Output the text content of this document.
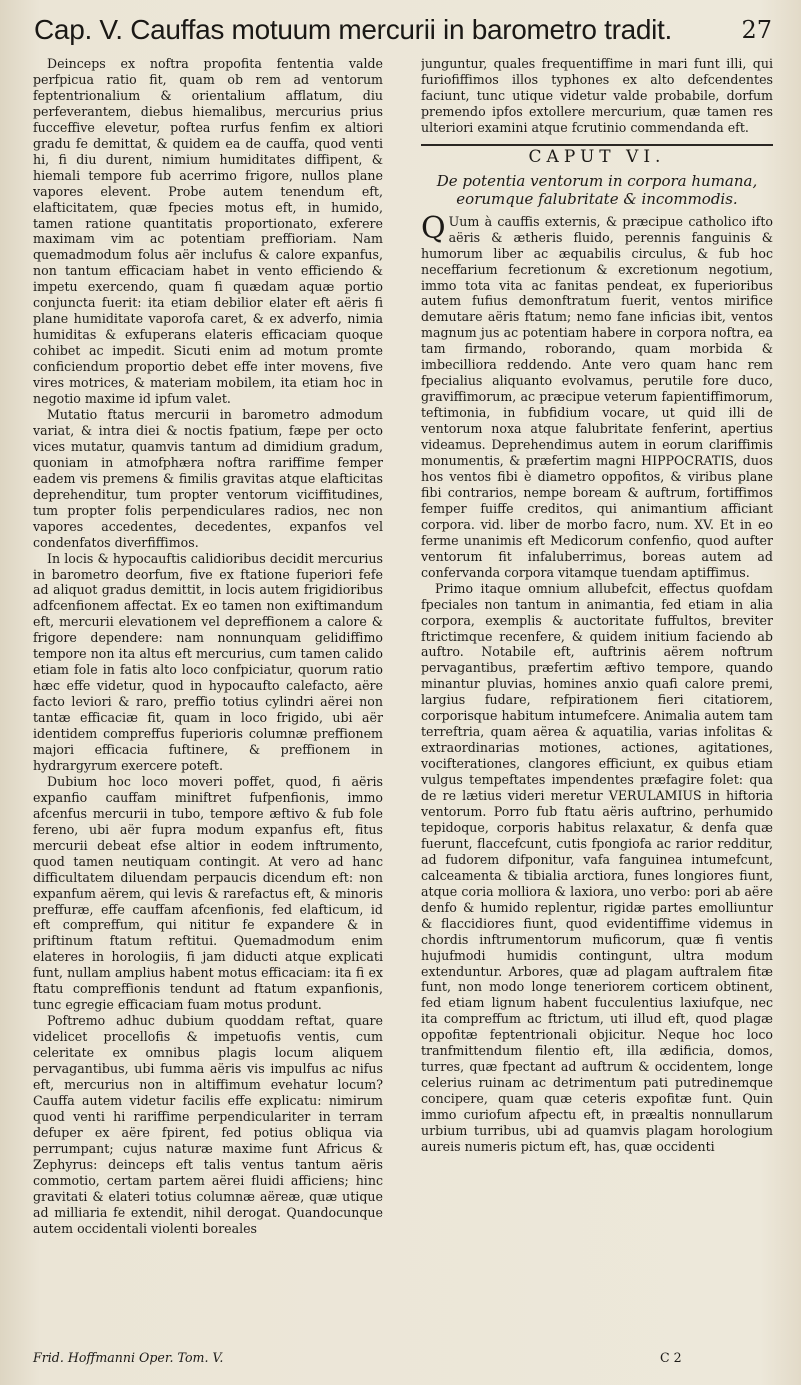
Cap. V. Cauffas motuum mercurii in barometro tradit.	27

Deinceps ex noftra propofita fententia valde perfpicua ratio fit, quam ob rem ad ventorum feptentrionalium & orientalium afflatum, diu perfeverantem, diebus hiemalibus, mercurius prius fucceffive elevetur, poftea rurfus fenfim ex altiori gradu fe demittat, & quidem ea de cauffa, quod venti hi, fi diu durent, nimium humiditates diffipent, & hiemali tempore fub acerrimo frigore, nullos plane vapores elevent. Probe autem tenendum eft, elafticitatem, quæ fpecies motus eft, in humido, tamen ratione quantitatis proportionato, exferere maximam vim ac potentiam preffioriam. Nam quemadmodum folus aër inclufus & calore expanfus, non tantum efficaciam habet in vento efficiendo & impetu exercendo, quam fi quædam aquæ portio conjuncta fuerit: ita etiam debilior elater eft aëris fi plane humiditate vaporofa caret, & ex adverfo, nimia humiditas & exfuperans elateris efficaciam quoque cohibet ac impedit. Sicuti enim ad motum promte conficiendum proportio debet effe inter movens, five vires motrices, & materiam mobilem, ita etiam hoc in negotio maxime id ipfum valet.

Mutatio ftatus mercurii in barometro admodum variat, & intra diei & noctis fpatium, fæpe per octo vices mutatur, quamvis tantum ad dimidium gradum, quoniam in atmofphæra noftra rariffime femper eadem vis premens & fimilis gravitas atque elafticitas deprehenditur, tum propter ventorum viciffitudines, tum propter folis perpendiculares radios, nec non vapores accedentes, decedentes, expanfos vel condenfatos diverfiffimos.

In locis & hypocauftis calidioribus decidit mercurius in barometro deorfum, five ex ftatione fuperiori fefe ad aliquot gradus demittit, in locis autem frigidioribus adfcenfionem affectat. Ex eo tamen non exiftimandum eft, mercurii elevationem vel depreffionem a calore & frigore dependere: nam nonnunquam gelidiffimo tempore non ita altus eft mercurius, cum tamen calido etiam fole in fatis alto loco confpiciatur, quorum ratio hæc effe videtur, quod in hypocaufto calefacto, aëre facto leviori & raro, preffio totius cylindri aërei non tantæ efficaciæ fit, quam in loco frigido, ubi aër identidem compreffus fuperioris columnæ preffionem majori efficacia fuftinere, & preffionem in hydrargyrum exercere poteft.

Dubium hoc loco moveri poffet, quod, fi aëris expanfio cauffam miniftret fufpenfionis, immo afcenfus mercurii in tubo, tempore æftivo & fub fole fereno, ubi aër fupra modum expanfus eft, fitus mercurii debeat efse altior in eodem inftrumento, quod tamen neutiquam contingit. At vero ad hanc difficultatem diluendam perpaucis dicendum eft: non expanfum aërem, qui levis & rarefactus eft, & minoris preffuræ, effe cauffam afcenfionis, fed elafticum, id eft compreffum, qui nititur fe expandere & in priftinum ftatum reftitui. Quemadmodum enim elateres in horologiis, fi jam diducti atque explicati funt, nullam amplius habent motus efficaciam: ita fi ex ftatu compreffionis tendunt ad ftatum expanfionis, tunc egregie efficaciam fuam motus produnt.

Poftremo adhuc dubium quoddam reftat, quare videlicet procellofis & impetuofis ventis, cum celeritate ex omnibus plagis locum aliquem pervagantibus, ubi fumma aëris vis impulfus ac nifus eft, mercurius non in altiffimum evehatur locum? Cauffa autem videtur facilis effe explicatu: nimirum quod venti hi rariffime perpendiculariter in terram defuper ex aëre fpirent, fed potius obliqua via perrumpant; cujus naturæ maxime funt Africus & Zephyrus: deinceps eft talis ventus tantum aëris commotio, certam partem aërei fluidi afficiens; hinc gravitati & elateri totius columnæ aëreæ, quæ utique ad milliaria fe extendit, nihil derogat. Quandocunque autem occidentali violenti boreales

junguntur, quales frequentiffime in mari funt illi, qui furiofiffimos illos typhones ex alto defcendentes faciunt, tunc utique videtur valde probabile, dorfum premendo ipfos extollere mercurium, quæ tamen res ulteriori examini atque fcrutinio commendanda eft.

CAPUT VI.
De potentia ventorum in corpora humana, eorumque falubritate & incommodis.

Q Uum à cauffis externis, & præcipue catholico ifto aëris & ætheris fluido, perennis fanguinis & humorum liber ac æquabilis circulus, & fub hoc neceffarium fecretionum & excretionum negotium, immo tota vita ac fanitas pendeat, ex fuperioribus autem fufius demonftratum fuerit, ventos mirifice demutare aëris ftatum; nemo fane inficias ibit, ventos magnum jus ac potentiam habere in corpora noftra, ea tam firmando, roborando, quam morbida & imbecilliora reddendo. Ante vero quam hanc rem fpecialius aliquanto evolvamus, perutile fore duco, graviffimorum, ac præcipue veterum fapientiffimorum, teftimonia, in fubfidium vocare, ut quid illi de ventorum noxa atque falubritate fenferint, apertius videamus. Deprehendimus autem in eorum clariffimis monumentis, & præfertim magni HIPPOCRATIS, duos hos ventos fibi è diametro oppofitos, & viribus plane fibi contrarios, nempe boream & auftrum, fortiffimos femper fuiffe creditos, qui animantium afficiant corpora. vid. liber de morbo facro, num. XV. Et in eo ferme unanimis eft Medicorum confenfio, quod aufter ventorum fit infaluberrimus, boreas autem ad confervanda corpora vitamque tuendam aptiffimus.

Primo itaque omnium allubefcit, effectus quofdam fpeciales non tantum in animantia, fed etiam in alia corpora, exemplis & auctoritate fuffultos, breviter ftrictimque recenfere, & quidem initium faciendo ab auftro. Notabile eft, auftrinis aërem noftrum pervagantibus, præfertim æftivo tempore, quando minantur pluvias, homines anxio quafi calore premi, largius fudare, refpirationem fieri citatiorem, corporisque habitum intumefcere. Animalia autem tam terreftria, quam aërea & aquatilia, varias infolitas & extraordinarias motiones, actiones, agitationes, vocifterationes, clangores efficiunt, ex quibus etiam vulgus tempeftates impendentes præfagire folet: qua de re lætius videri meretur VERULAMIUS in hiftoria ventorum. Porro fub ftatu aëris auftrino, perhumido tepidoque, corporis habitus relaxatur, & denfa quæ fuerunt, flaccefcunt, cutis fpongiofa ac rarior redditur, ad fudorem difponitur, vafa fanguinea intumefcunt, calceamenta & tibialia arctiora, funes longiores fiunt, atque coria molliora & laxiora, uno verbo: pori ab aëre denfo & humido replentur, rigidæ partes emolliuntur & flaccidiores fiunt, quod evidentiffime videmus in chordis inftrumentorum muficorum, quæ fi ventis hujufmodi humidis contingunt, ultra modum extenduntur. Arbores, quæ ad plagam auftralem fitæ funt, non modo longe teneriorem corticem obtinent, fed etiam lignum habent fucculentius laxiufque, nec ita compreffum ac ftrictum, uti illud eft, quod plagæ oppofitæ feptentrionali objicitur. Neque hoc loco tranfmittendum filentio eft, illa ædificia, domos, turres, quæ fpectant ad auftrum & occidentem, longe celerius ruinam ac detrimentum pati putredinemque concipere, quam quæ ceteris expofitæ funt. Quin immo curiofum afpectu eft, in præaltis nonnullarum urbium turribus, ubi ad quamvis plagam horologium aureis numeris pictum eft, has, quæ occidenti

Frid. Hoffmanni Oper. Tom. V.	C 2
